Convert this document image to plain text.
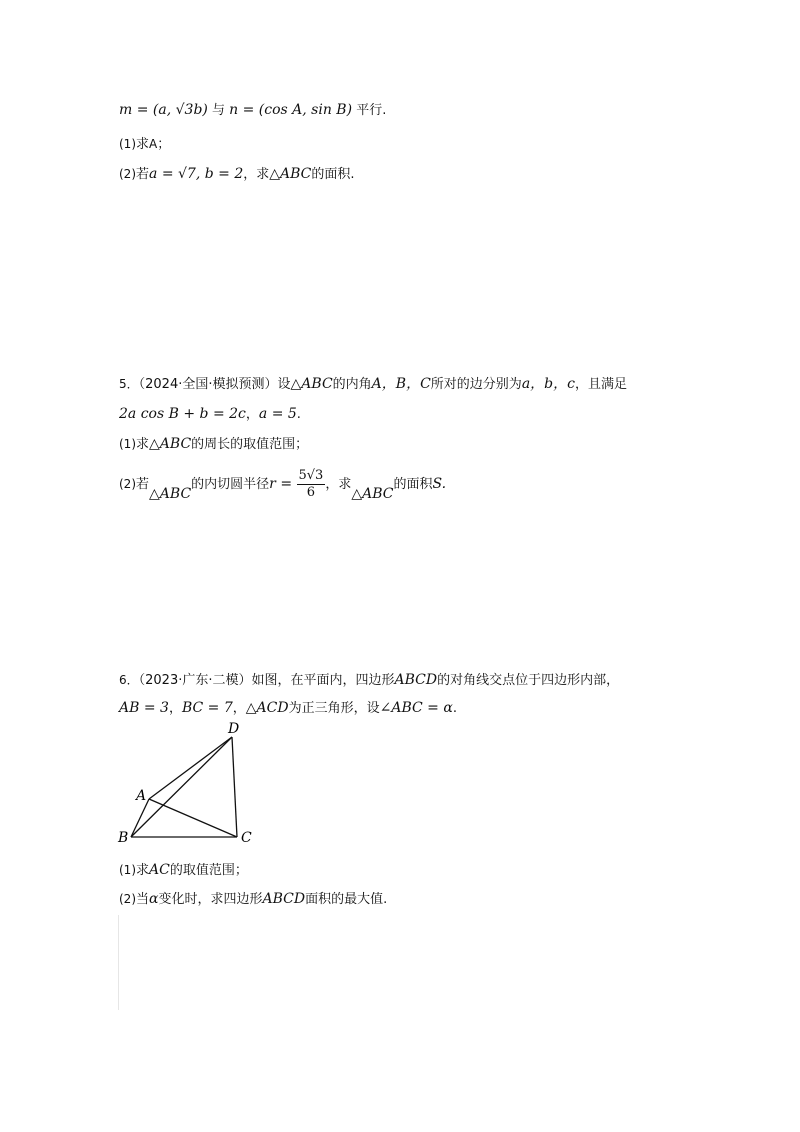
m = (a, √3b) 与 n = (cos A, sin B) 平行.
(1)求A；
(2)若a = √7, b = 2，求△ABC的面积.
5．（2024·全国·模拟预测）设△ABC的内角A，B，C所对的边分别为a，b，c，且满足
2a cos B + b = 2c，a = 5.
(1)求△ABC的周长的取值范围；
(2)若△ABC的内切圆半径$r = \frac{5√3}{6}$ ，求△ABC的面积S.
6．（2023·广东·二模）如图，在平面内，四边形ABCD的对角线交点位于四边形内部，
AB = 3，BC = 7，△ACD为正三角形，设∠ABC = α.
A
B	C
D
(1)求AC的取值范围；
(2)当α变化时，求四边形ABCD面积的最大值.
